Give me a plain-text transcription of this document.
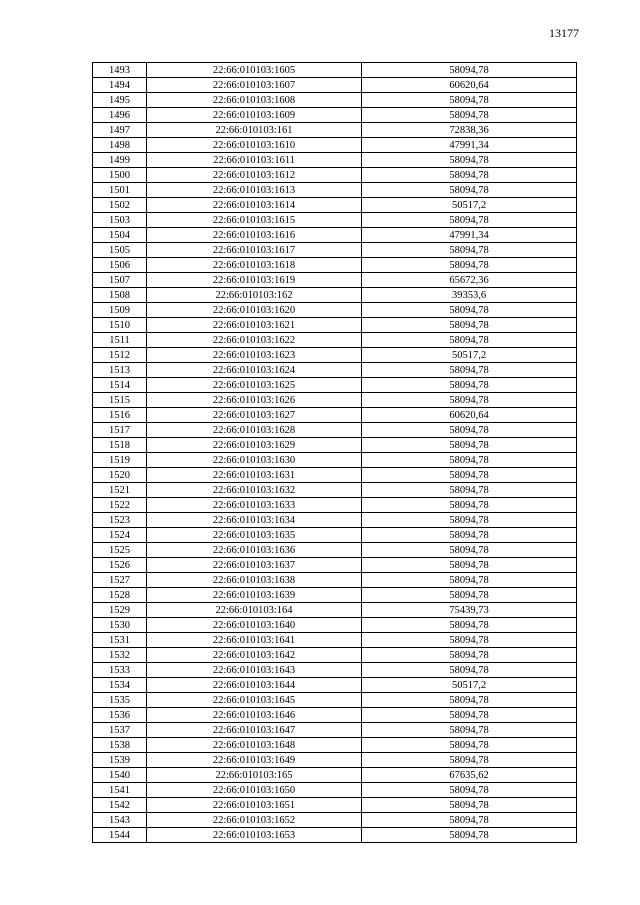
13177
1493	22:66:010103:1605	58094,78
1494	22:66:010103:1607	60620,64
1495	22:66:010103:1608	58094,78
1496	22:66:010103:1609	58094,78
1497	22:66:010103:161	72838,36
1498	22:66:010103:1610	47991,34
1499	22:66:010103:1611	58094,78
1500	22:66:010103:1612	58094,78
1501	22:66:010103:1613	58094,78
1502	22:66:010103:1614	50517,2
1503	22:66:010103:1615	58094,78
1504	22:66:010103:1616	47991,34
1505	22:66:010103:1617	58094,78
1506	22:66:010103:1618	58094,78
1507	22:66:010103:1619	65672,36
1508	22:66:010103:162	39353,6
1509	22:66:010103:1620	58094,78
1510	22:66:010103:1621	58094,78
1511	22:66:010103:1622	58094,78
1512	22:66:010103:1623	50517,2
1513	22:66:010103:1624	58094,78
1514	22:66:010103:1625	58094,78
1515	22:66:010103:1626	58094,78
1516	22:66:010103:1627	60620,64
1517	22:66:010103:1628	58094,78
1518	22:66:010103:1629	58094,78
1519	22:66:010103:1630	58094,78
1520	22:66:010103:1631	58094,78
1521	22:66:010103:1632	58094,78
1522	22:66:010103:1633	58094,78
1523	22:66:010103:1634	58094,78
1524	22:66:010103:1635	58094,78
1525	22:66:010103:1636	58094,78
1526	22:66:010103:1637	58094,78
1527	22:66:010103:1638	58094,78
1528	22:66:010103:1639	58094,78
1529	22:66:010103:164	75439,73
1530	22:66:010103:1640	58094,78
1531	22:66:010103:1641	58094,78
1532	22:66:010103:1642	58094,78
1533	22:66:010103:1643	58094,78
1534	22:66:010103:1644	50517,2
1535	22:66:010103:1645	58094,78
1536	22:66:010103:1646	58094,78
1537	22:66:010103:1647	58094,78
1538	22:66:010103:1648	58094,78
1539	22:66:010103:1649	58094,78
1540	22:66:010103:165	67635,62
1541	22:66:010103:1650	58094,78
1542	22:66:010103:1651	58094,78
1543	22:66:010103:1652	58094,78
1544	22:66:010103:1653	58094,78
